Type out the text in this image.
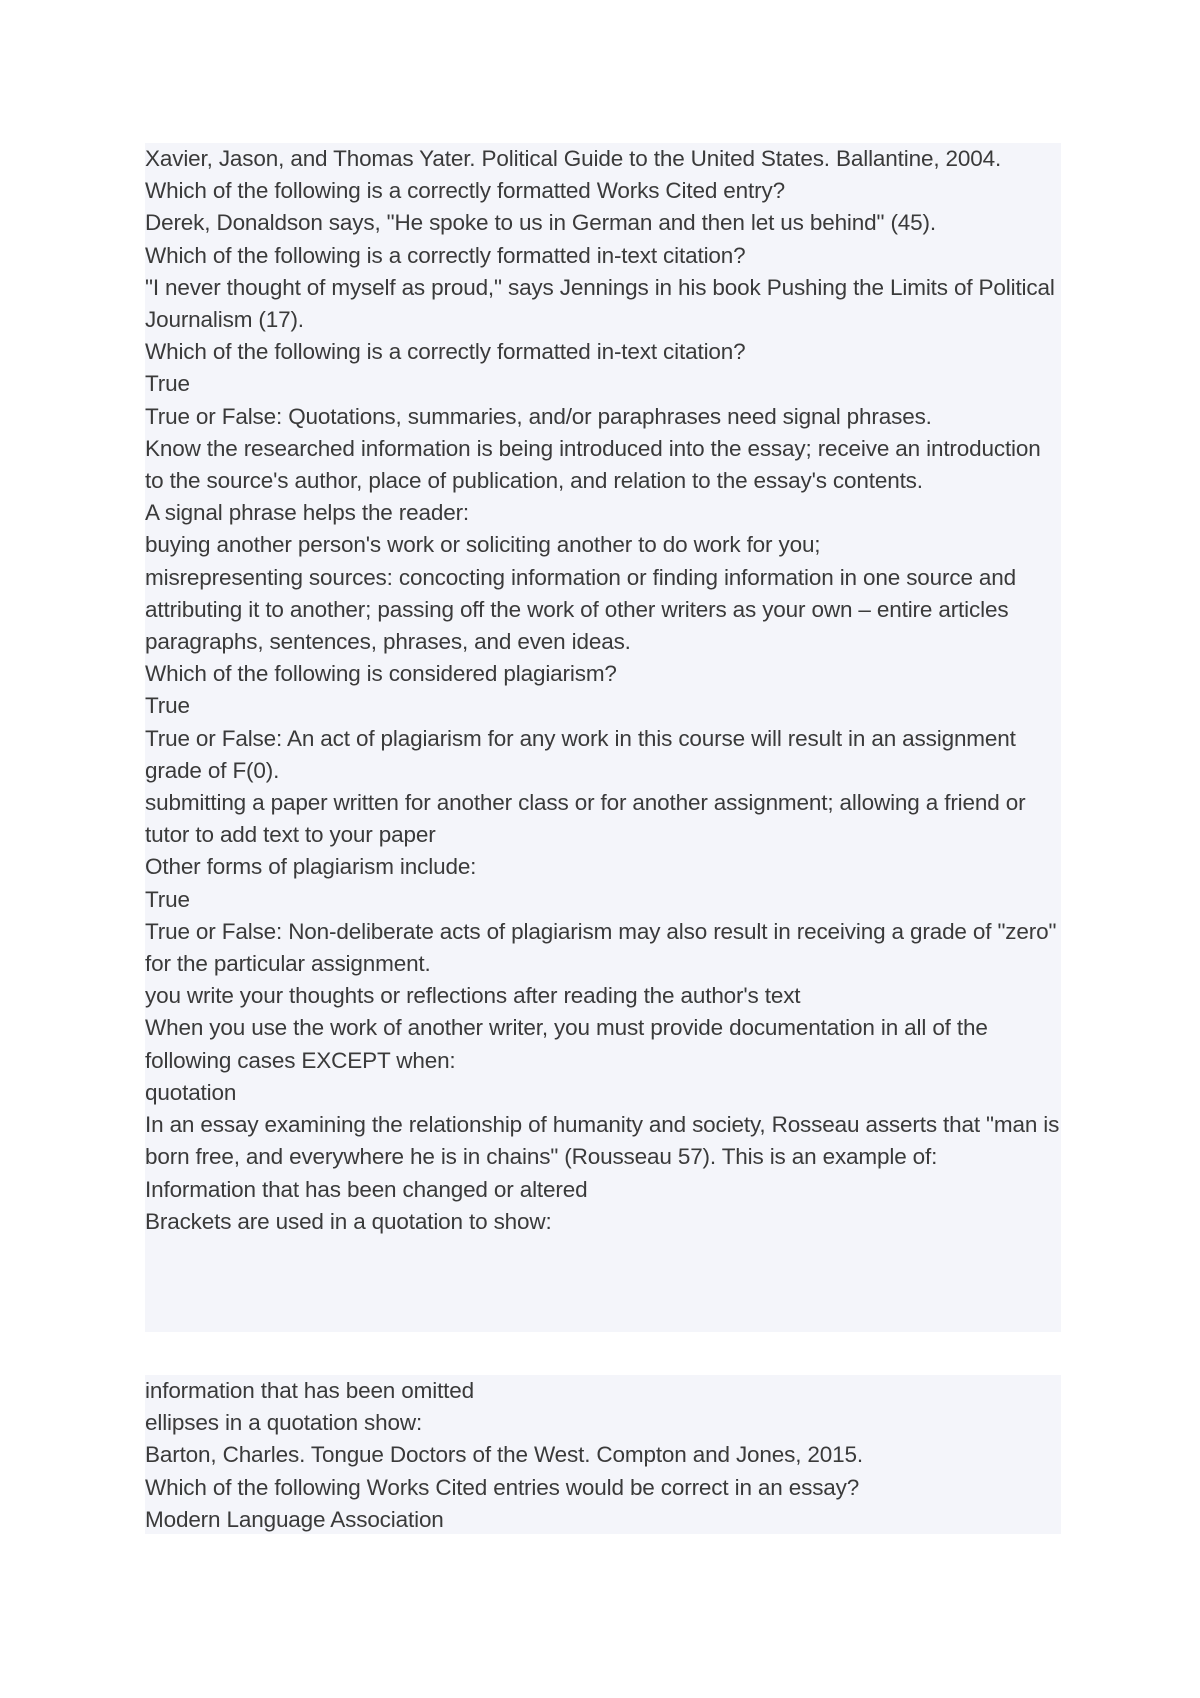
Xavier, Jason, and Thomas Yater. Political Guide to the United States. Ballantine, 2004.

Which of the following is a correctly formatted Works Cited entry?

Derek, Donaldson says, "He spoke to us in German and then let us behind" (45).

Which of the following is a correctly formatted in-text citation?

"I never thought of myself as proud," says Jennings in his book Pushing the Limits of Political Journalism (17).

Which of the following is a correctly formatted in-text citation?

True

True or False: Quotations, summaries, and/or paraphrases need signal phrases.

Know the researched information is being introduced into the essay; receive an introduction to the source's author, place of publication, and relation to the essay's contents.

A signal phrase helps the reader:

buying another person's work or soliciting another to do work for you;

misrepresenting sources: concocting information or finding information in one source and attributing it to another; passing off the work of other writers as your own – entire articles paragraphs, sentences, phrases, and even ideas.

Which of the following is considered plagiarism?

True

True or False: An act of plagiarism for any work in this course will result in an assignment grade of F(0).

submitting a paper written for another class or for another assignment; allowing a friend or tutor to add text to your paper

Other forms of plagiarism include:

True

True or False: Non-deliberate acts of plagiarism may also result in receiving a grade of "zero" for the particular assignment.

you write your thoughts or reflections after reading the author's text

When you use the work of another writer, you must provide documentation in all of the following cases EXCEPT when:

quotation

In an essay examining the relationship of humanity and society, Rosseau asserts that "man is born free, and everywhere he is in chains" (Rousseau 57). This is an example of:

Information that has been changed or altered

Brackets are used in a quotation to show:

information that has been omitted

ellipses in a quotation show:

Barton, Charles. Tongue Doctors of the West. Compton and Jones, 2015.

Which of the following Works Cited entries would be correct in an essay?

Modern Language Association
